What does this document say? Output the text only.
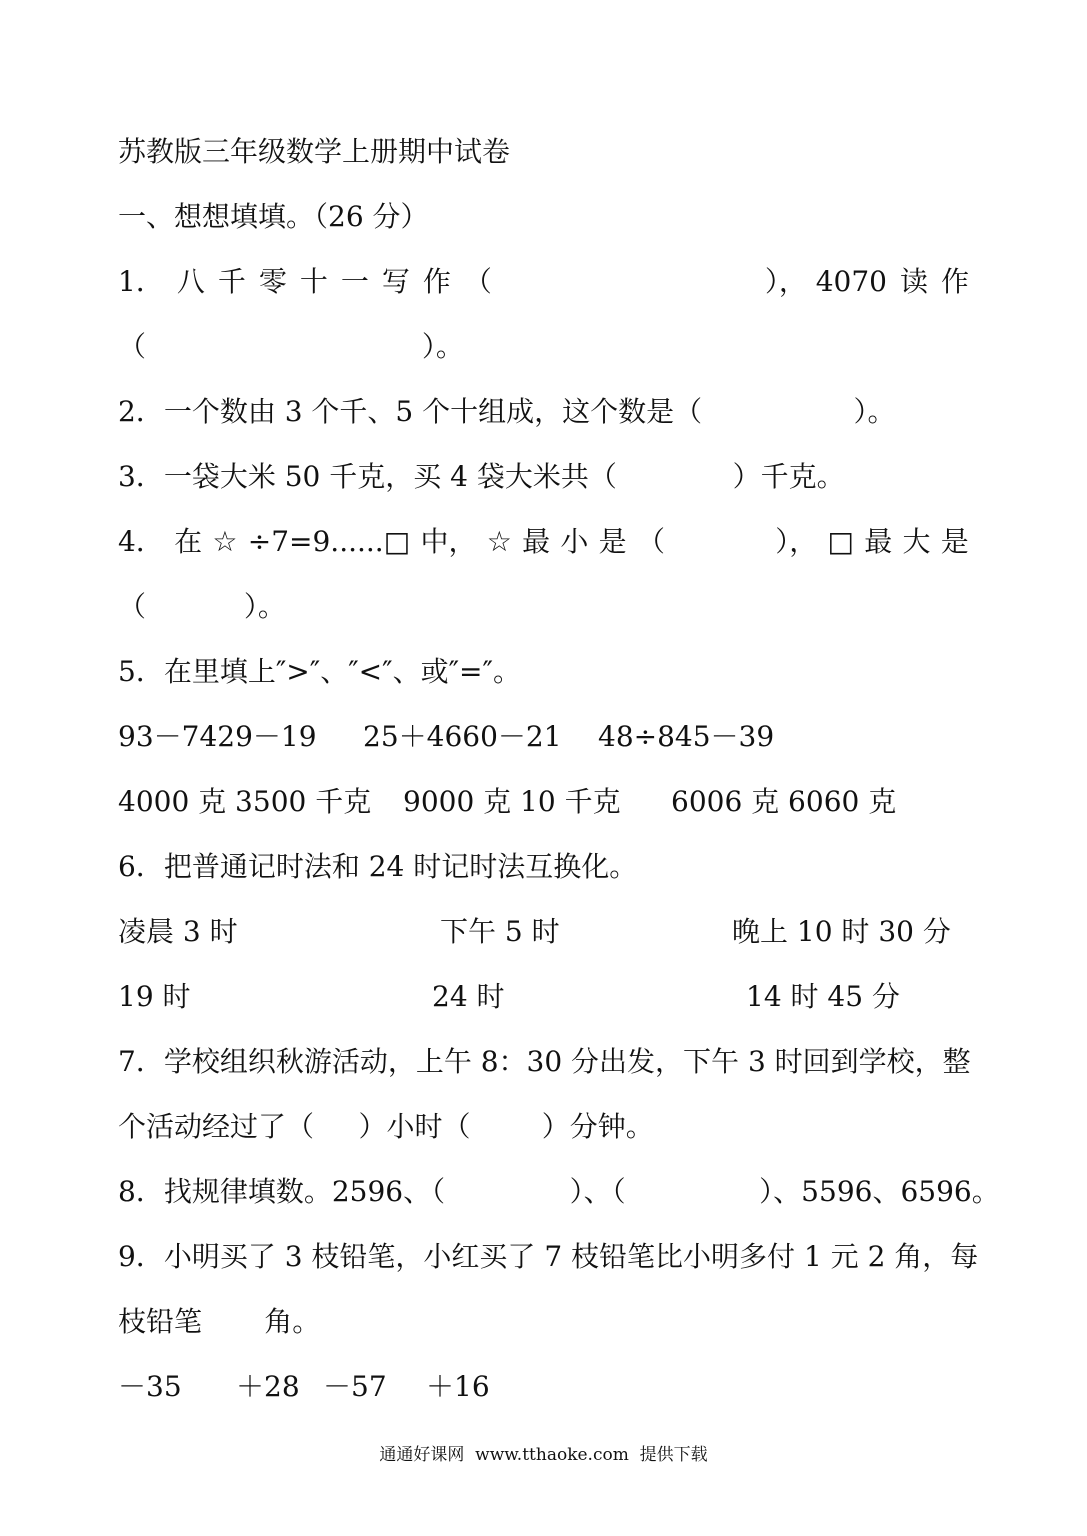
苏教版三年级数学上册期中试卷
一、想想填填。（26 分）
1． 八 千 零 十 一 写 作 （	）， 4070 读 作
（                               ）。
2．一个数由 3 个千、5 个十组成，这个数是（                 ）。
3．一袋大米 50 千克，买 4 袋大米共（             ）千克。
4． 在 ☆ ÷7=9......□ 中， ☆ 最 小 是 （	）， □ 最 大 是
（           ）。
5．在里填上″>″、″<″、或″=″。
93－7429－19	25＋4660－21	48÷845－39
4000 克 3500 千克	9000 克 10 千克	6006 克 6060 克
6．把普通记时法和 24 时记时法互换化。
凌晨 3 时	下午 5 时	晚上 10 时 30 分
19 时	24 时	14 时 45 分
7．学校组织秋游活动，上午 8：30 分出发，下午 3 时回到学校，整
个活动经过了（     ）小时（        ）分钟。
8．找规律填数。2596、（              ）、（               ）、5596、6596。
9．小明买了 3 枝铅笔，小红买了 7 枝铅笔比小明多付 1 元 2 角，每
枝铅笔       角。
－35	＋28 －57	＋16
通通好课网  www.tthaoke.com  提供下载
